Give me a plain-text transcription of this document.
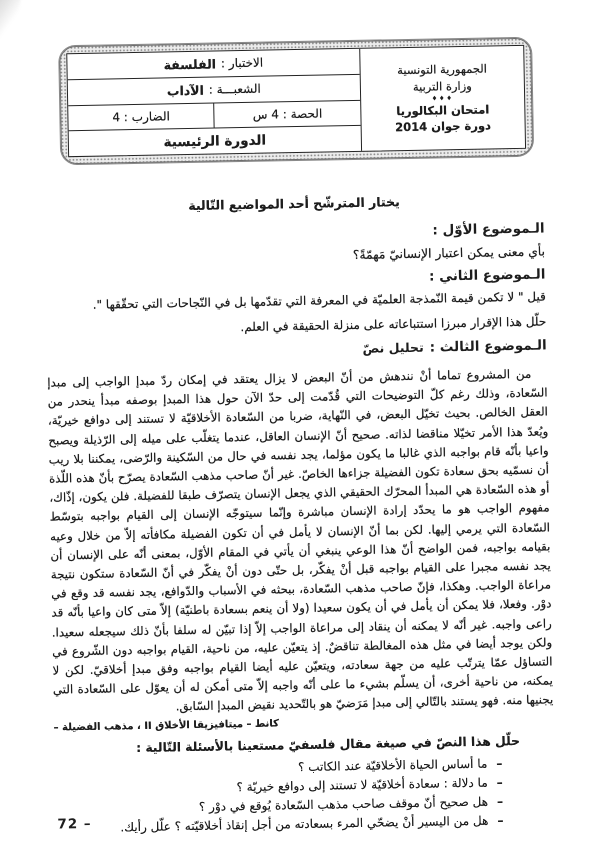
الجمهورية التونسية
وزارة التربية
♦♦♦
امتحان البكالوريا
دورة جوان 2014
الاختبار :
الفلسفة
الشعبـــة :
الآداب
الحصة : 4 س
الضارب : 4
الدورة الرئيسية
يختار المترشّح أحد المواضيع التّالية
الـموضوع الأوّل :
بأي معنى يمكن اعتبار الإنسانيّ مَهمّةً؟
الـموضوع الثاني :
قيل " لا تكمن قيمة النّمذجة العلميّة في المعرفة التي تقدّمها بل في النّجاحات التي تحقّقها ".
حلّل هذا الإقرار مبرزا استتباعاته على منزلة الحقيقة في العلم.
الـموضوع الثالث :
تحليل نصّ
من المشروع تماما أنْ نندهش من أنّ البعض لا يزال يعتقد في إمكان ردّ مبدإ الواجب إلى مبدإ السّعادة، وذلك رغم كلّ التوضيحات التي قُدّمت إلى حدّ الآن حول هذا المبدإ بوصفه مبدأ ينحدر من العقل الخالص. بحيث تخيّل البعض، في النّهاية، ضربا من السّعادة الأخلاقيّة لا تستند إلى دوافع خيريّة، ويُعدّ هذا الأمر تخيّلا مناقضا لذاته. صحيح أنّ الإنسان العاقل، عندما يتغلّب على ميله إلى الرّذيلة ويصبح واعيا بأنّه قام بواجبه الذي غالبا ما يكون مؤلما، يجد نفسه في حال من السّكينة والرّضى، يمكننا بلا ريب أن نسمّيه بحق سعادة تكون الفضيلة جزاءها الخاصّ. غير أنّ صاحب مذهب السّعادة يصرّح بأنّ هذه اللّذة أو هذه السّعادة هي المبدأ المحرّك الحقيقي الذي يجعل الإنسان يتصرّف طبقا للفضيلة. فلن يكون، إذّاك، مفهوم الواجب هو ما يحدّد إرادة الإنسان مباشرة وإنّما سيتوجّه الإنسان إلى القيام بواجبه بتوسّط السّعادة التي يرمي إليها. لكن بما أنّ الإنسان لا يأمل في أن تكون الفضيلة مكافأته إلاّ من خلال وعيه بقيامه بواجبه، فمن الواضح أنّ هذا الوعي ينبغي أن يأتي في المقام الأوّل، بمعنى أنّه على الإنسان أن يجد نفسه مجبرا على القيام بواجبه قبل أنْ يفكّر، بل حتّى دون أنْ يفكّر في أنّ السّعادة ستكون نتيجة مراعاة الواجب. وهكذا، فإنّ صاحب مذهب السّعادة، ببحثه في الأسباب والدّوافع، يجد نفسه قد وقع في دوْر. وفعلا، فلا يمكن أن يأمل في أن يكون سعيدا (ولا أن ينعم بسعادة باطنيّة) إلاّ متى كان واعيا بأنّه قد راعى واجبه. غير أنّه لا يمكنه أن ينقاد إلى مراعاة الواجب إلاّ إذا تبيّن له سلفا بأنّ ذلك سيجعله سعيدا. ولكن يوجد أيضا في مثل هذه المغالطة تناقضٌ. إذ يتعيّن عليه، من ناحية، القيام بواجبه دون الشّروع في التساؤل عمّا يترتّب عليه من جهة سعادته، ويتعيّن عليه أيضا القيام بواجبه وفق مبدإ أخلاقيّ. لكن لا يمكنه، من ناحية أخرى، أن يسلّم بشيء ما على أنّه واجبه إلاّ متى أمكن له أن يعوّل على السّعادة التي يجنيها منه. فهو يستند بالتّالي إلى مبدإ مَرَضيّ هو بالتّحديد نقيض المبدإ السّابق.
كانط – ميتافيزيقا الأخلاق II ، مذهب الفضيلة –
حلّل هذا النصّ في صيغة مقال فلسفيّ مستعينا بالأسئلة التّالية :
–
ما أساس الحياة الأخلاقيّة عند الكاتب ؟
–
ما دلالة : سعادة أخلاقيّة لا تستند إلى دوافع خيريّة ؟
–
هل صحيح أنّ موقف صاحب مذهب السّعادة يُوقع في دوْر ؟
–
هل من اليسير أنْ يضحّي المرء بسعادته من أجل إنقاذ أخلاقيّته ؟ علّل رأيك.
72 –
